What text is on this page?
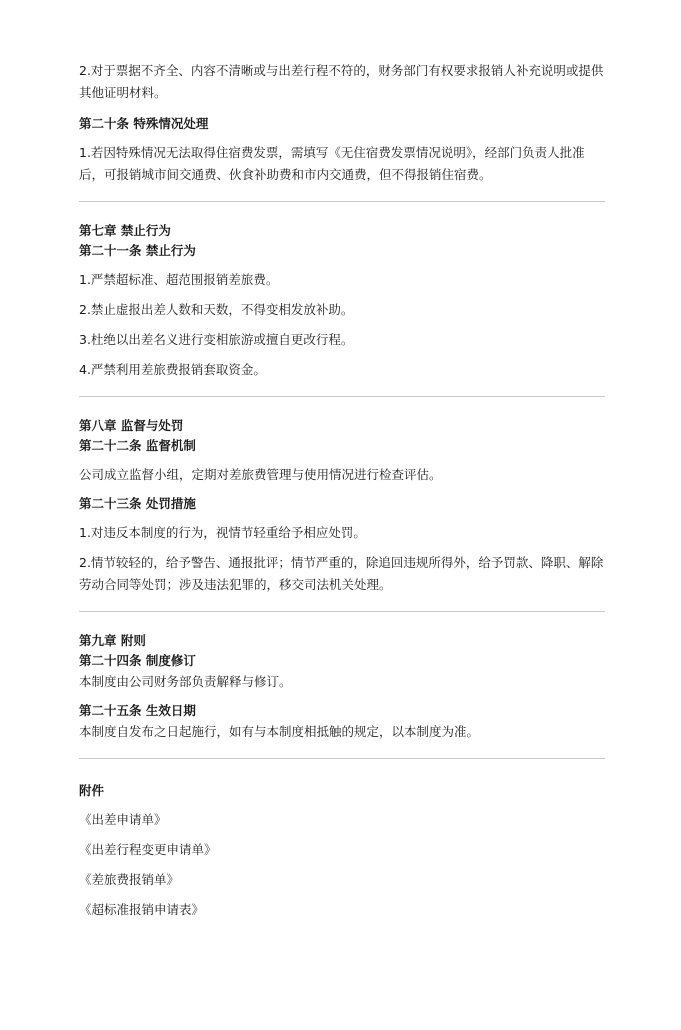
2.对于票据不齐全、内容不清晰或与出差行程不符的，财务部门有权要求报销人补充说明或提供其他证明材料。

第二十条 特殊情况处理

1.若因特殊情况无法取得住宿费发票，需填写《无住宿费发票情况说明》，经部门负责人批准后，可报销城市间交通费、伙食补助费和市内交通费，但不得报销住宿费。

第七章 禁止行为

第二十一条 禁止行为

1.严禁超标准、超范围报销差旅费。

2.禁止虚报出差人数和天数，不得变相发放补助。

3.杜绝以出差名义进行变相旅游或擅自更改行程。

4.严禁利用差旅费报销套取资金。

第八章 监督与处罚

第二十二条 监督机制

公司成立监督小组，定期对差旅费管理与使用情况进行检查评估。

第二十三条 处罚措施

1.对违反本制度的行为，视情节轻重给予相应处罚。

2.情节较轻的，给予警告、通报批评；情节严重的，除追回违规所得外，给予罚款、降职、解除劳动合同等处罚；涉及违法犯罪的，移交司法机关处理。

第九章 附则

第二十四条 制度修订

本制度由公司财务部负责解释与修订。

第二十五条 生效日期

本制度自发布之日起施行，如有与本制度相抵触的规定，以本制度为准。

附件

《出差申请单》

《出差行程变更申请单》

《差旅费报销单》

《超标准报销申请表》
